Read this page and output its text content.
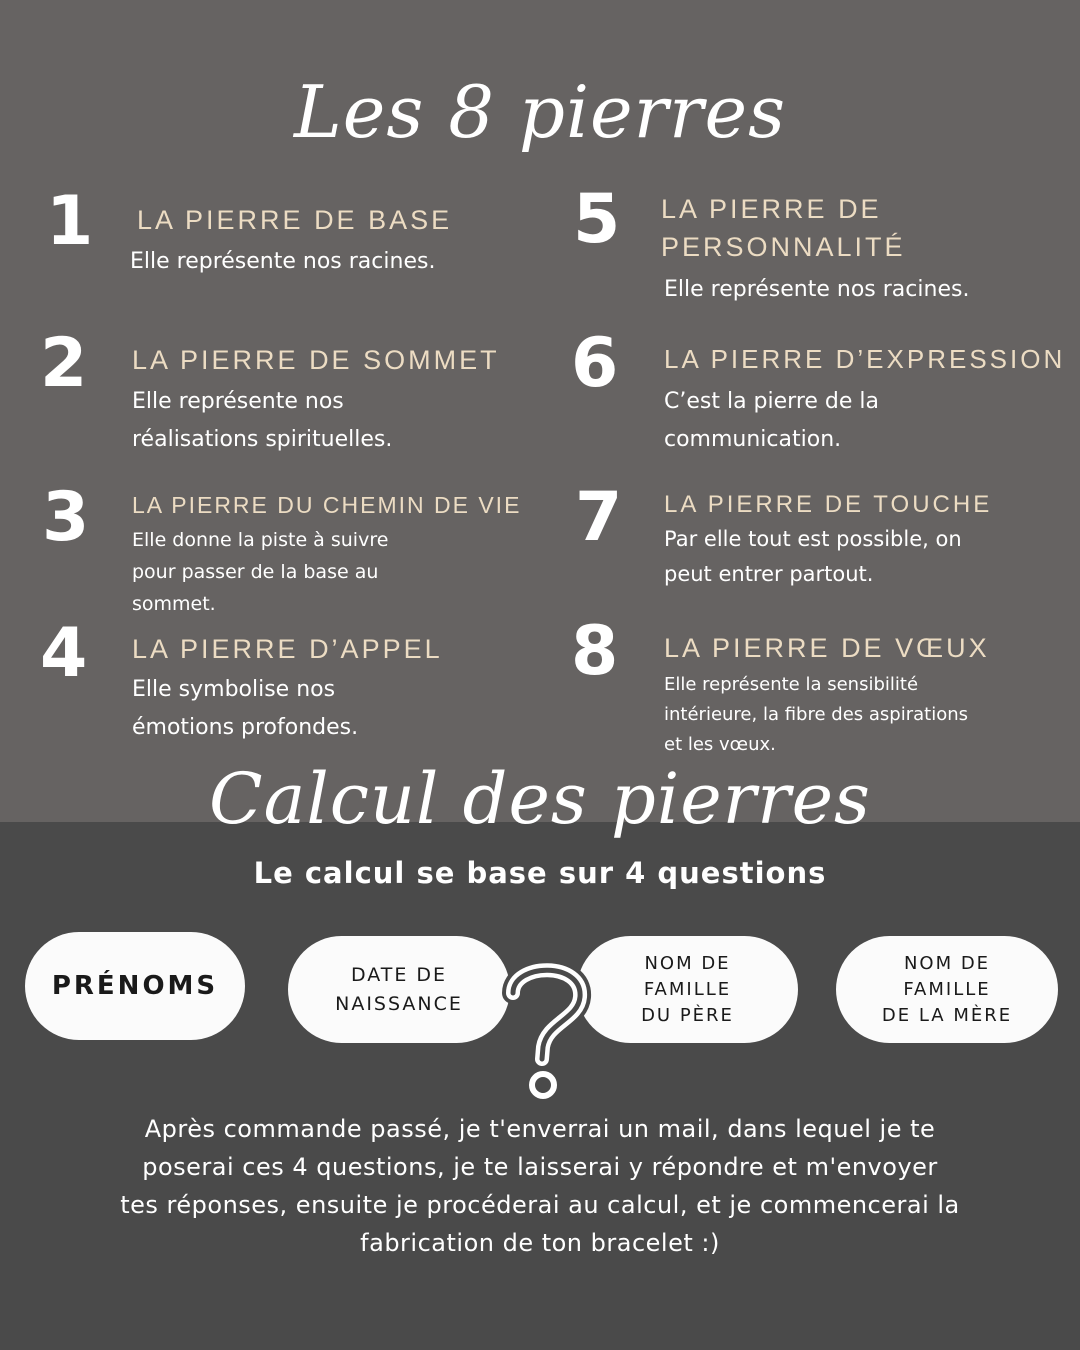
Les 8 pierres
1 LA PIERRE DE BASE
Elle représente nos racines.
2 LA PIERRE DE SOMMET
Elle représente nos
réalisations spirituelles.
3 LA PIERRE DU CHEMIN DE VIE
Elle donne la piste à suivre
pour passer de la base au
sommet.
4 LA PIERRE D’APPEL
Elle symbolise nos
émotions profondes.
5 LA PIERRE DE
PERSONNALITÉ
Elle représente nos racines.
6 LA PIERRE D’EXPRESSION
C’est la pierre de la
communication.
7 LA PIERRE DE TOUCHE
Par elle tout est possible, on
peut entrer partout.
8 LA PIERRE DE VŒUX
Elle représente la sensibilité
intérieure, la fibre des aspirations
et les vœux.
Calcul des pierres
Le calcul se base sur 4 questions
PRÉNOMS	DATE DE
NAISSANCE
NOM DE
FAMILLE
DU PÈRE
NOM DE
FAMILLE
DE LA MÈRE
Après commande passé, je t'enverrai un mail, dans lequel je te poserai ces 4 questions, je te laisserai y répondre et m'envoyer tes réponses, ensuite je procéderai au calcul, et je commencerai la fabrication de ton bracelet :)
